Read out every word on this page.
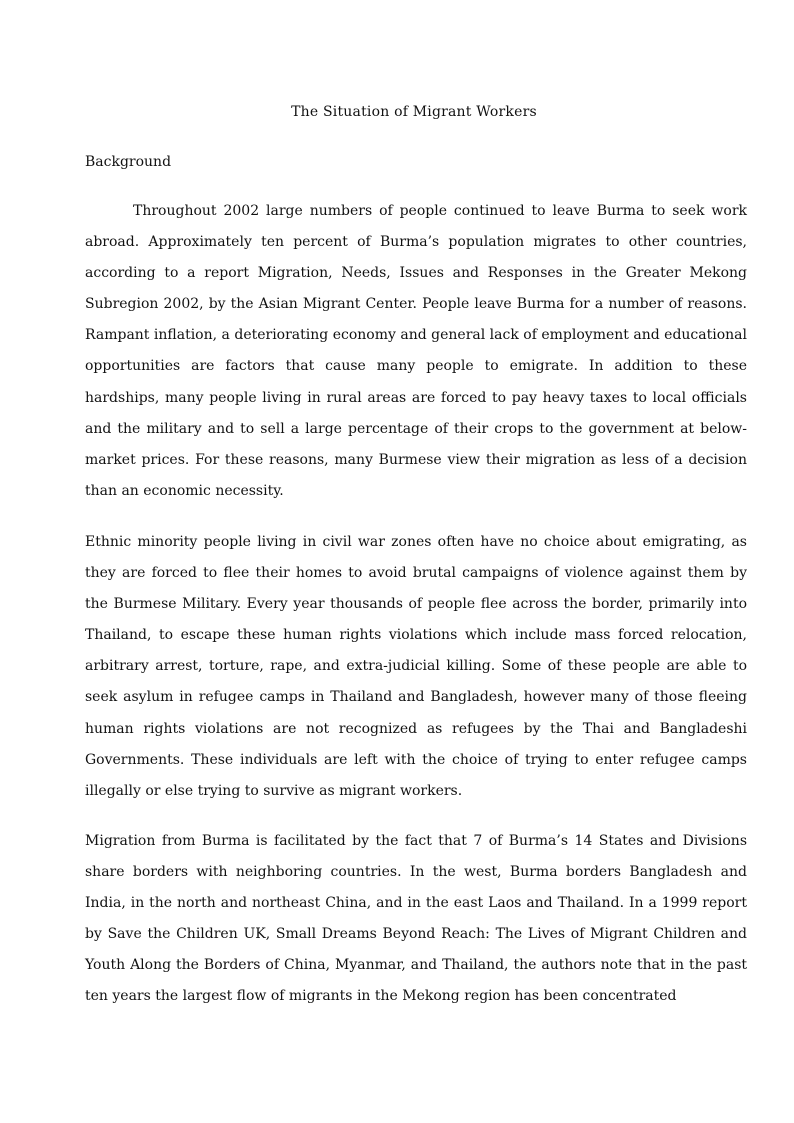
The Situation of Migrant Workers
Background

Throughout 2002 large numbers of people continued to leave Burma to seek work abroad. Approximately ten percent of Burma’s population migrates to other countries, according to a report Migration, Needs, Issues and Responses in the Greater Mekong Subregion 2002, by the Asian Migrant Center. People leave Burma for a number of reasons. Rampant inflation, a deteriorating economy and general lack of employment and educational opportunities are factors that cause many people to emigrate. In addition to these hardships, many people living in rural areas are forced to pay heavy taxes to local officials and the military and to sell a large percentage of their crops to the government at below-market prices. For these reasons, many Burmese view their migration as less of a decision than an economic necessity.

Ethnic minority people living in civil war zones often have no choice about emigrating, as they are forced to flee their homes to avoid brutal campaigns of violence against them by the Burmese Military. Every year thousands of people flee across the border, primarily into Thailand, to escape these human rights violations which include mass forced relocation, arbitrary arrest, torture, rape, and extra-judicial killing. Some of these people are able to seek asylum in refugee camps in Thailand and Bangladesh, however many of those fleeing human rights violations are not recognized as refugees by the Thai and Bangladeshi Governments. These individuals are left with the choice of trying to enter refugee camps illegally or else trying to survive as migrant workers.

Migration from Burma is facilitated by the fact that 7 of Burma’s 14 States and Divisions share borders with neighboring countries. In the west, Burma borders Bangladesh and India, in the north and northeast China, and in the east Laos and Thailand. In a 1999 report by Save the Children UK, Small Dreams Beyond Reach: The Lives of Migrant Children and Youth Along the Borders of China, Myanmar, and Thailand, the authors note that in the past ten years the largest flow of migrants in the Mekong region has been concentrated
